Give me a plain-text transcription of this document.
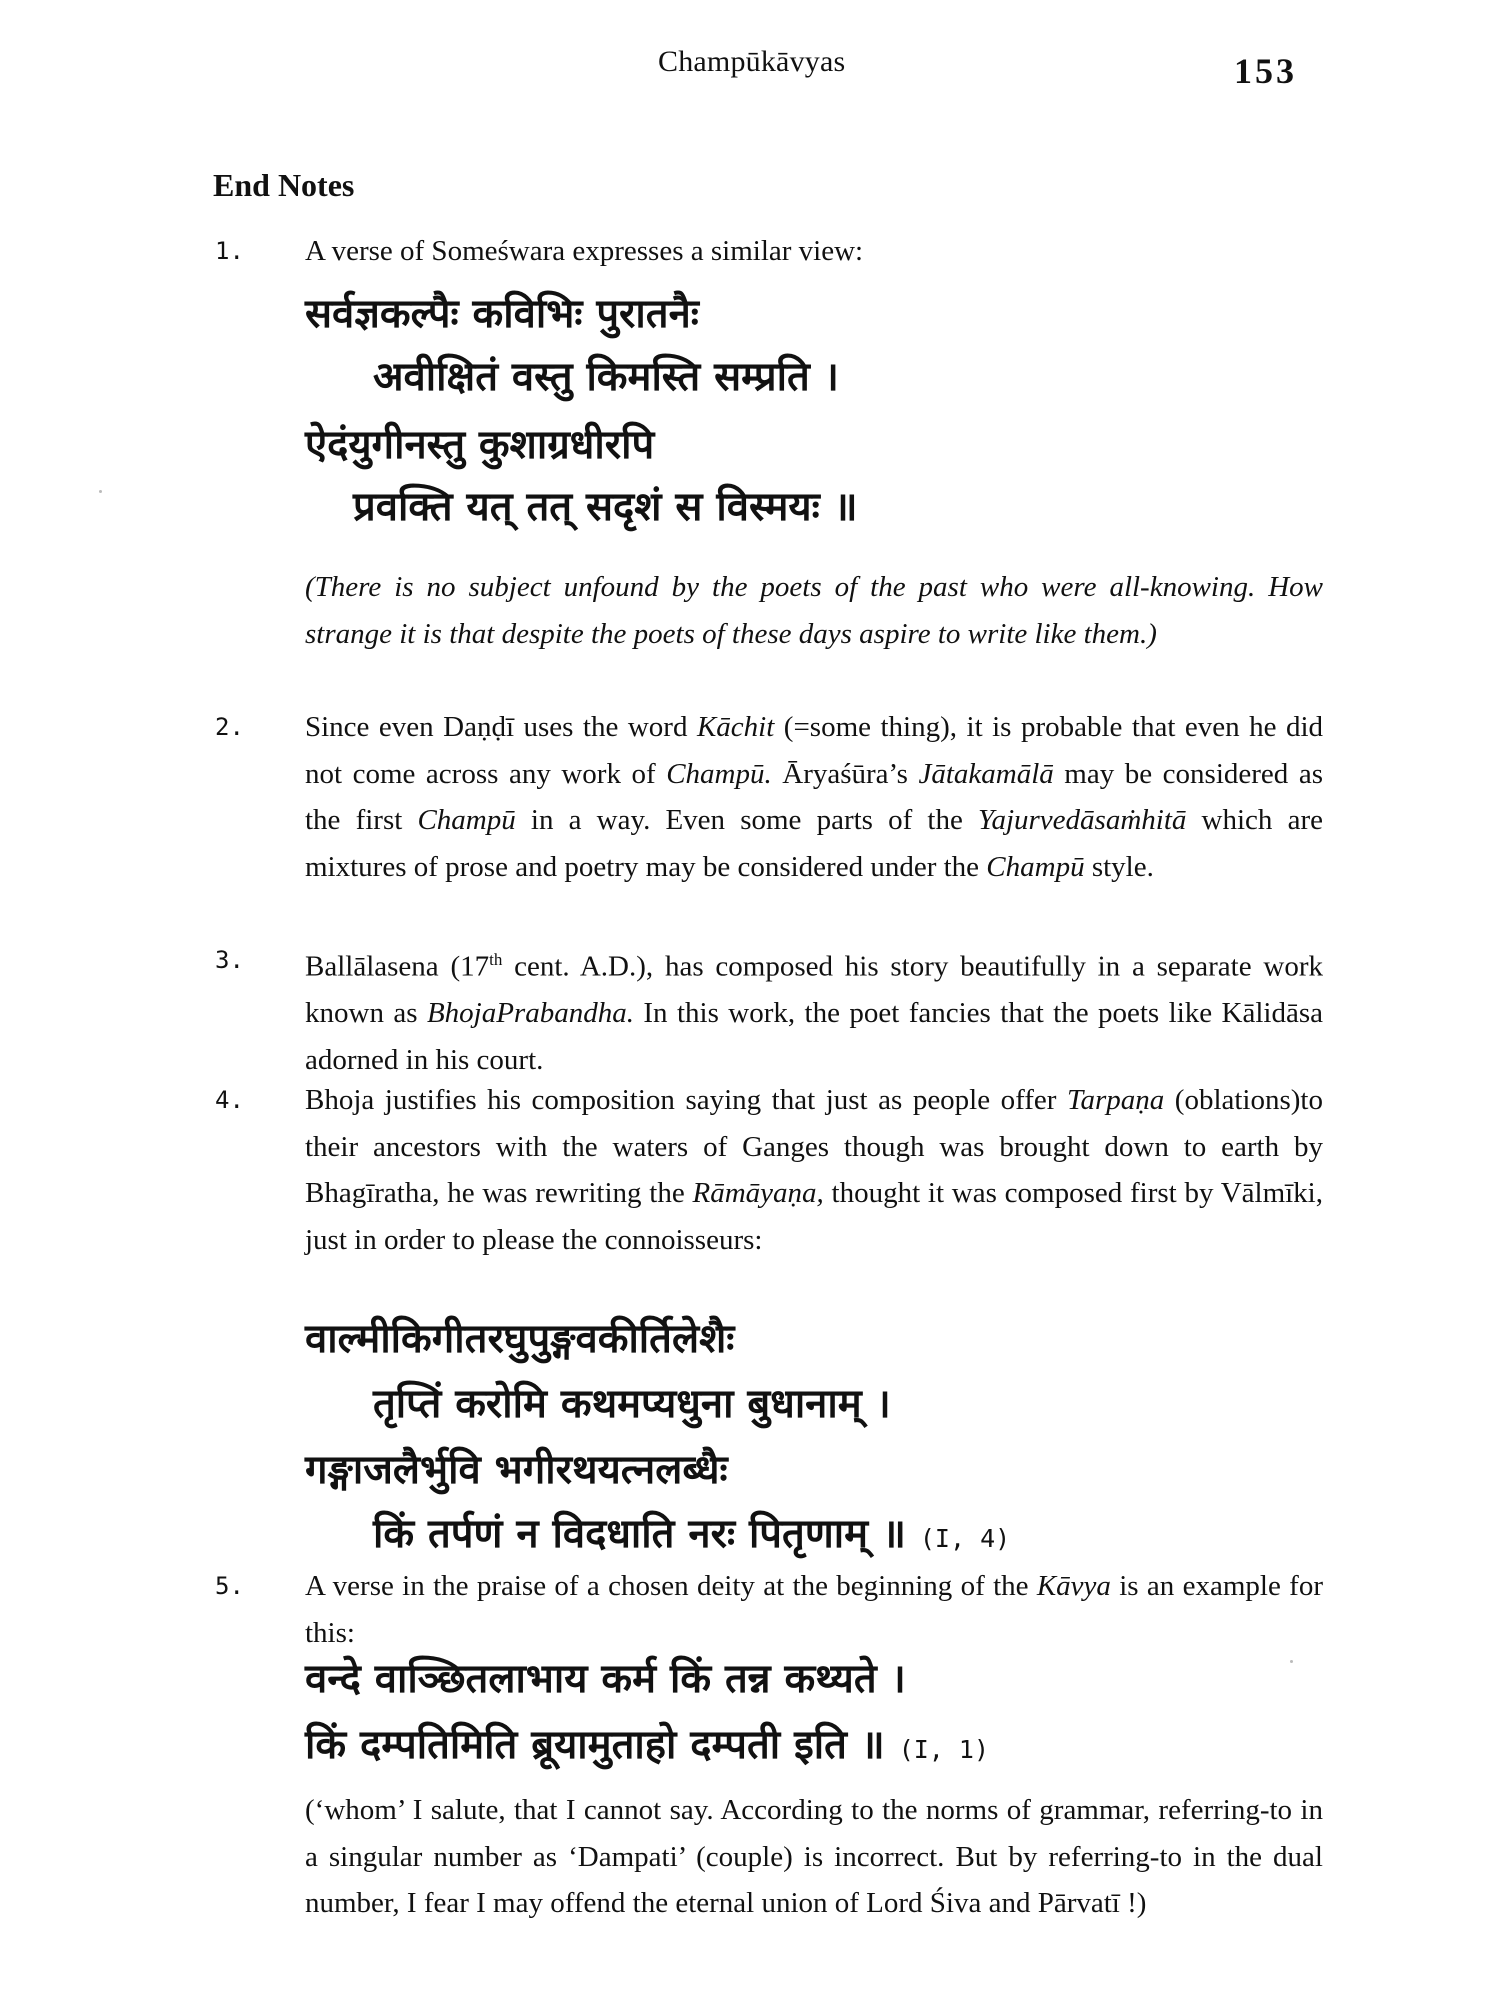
Champūkāvyas	153
End Notes
1. A verse of Someśwara expresses a similar view:
सर्वज्ञकल्पैः कविभिः पुरातनैः
अवीक्षितं वस्तु किमस्ति सम्प्रति ।
ऐदंयुगीनस्तु कुशाग्रधीरपि
प्रवक्ति यत् तत् सदृशं स विस्मयः ॥
(There is no subject unfound by the poets of the past who were all-knowing. How strange it is that despite the poets of these days aspire to write like them.)
2. Since even Daṇḍī uses the word Kāchit (=some thing), it is probable that even he did not come across any work of Champū. Āryaśūra’s Jātakamālā may be considered as the first Champū in a way. Even some parts of the Yajurvedāsaṁhitā which are mixtures of prose and poetry may be considered under the Champū style.
3. Ballālasena (17th cent. A.D.), has composed his story beautifully in a separate work known as BhojaPrabandha. In this work, the poet fancies that the poets like Kālidāsa adorned in his court.
4. Bhoja justifies his composition saying that just as people offer Tarpaṇa (oblations)to their ancestors with the waters of Ganges though was brought down to earth by Bhagīratha, he was rewriting the Rāmāyaṇa, thought it was composed first by Vālmīki, just in order to please the connoisseurs:
वाल्मीकिगीतरघुपुङ्गवकीर्तिलेशैः
तृप्तिं करोमि कथमप्यधुना बुधानाम् ।
गङ्गाजलैर्भुवि भगीरथयत्नलब्धैः
किं तर्पणं न विदधाति नरः पितृणाम् ॥ (I, 4)
5. A verse in the praise of a chosen deity at the beginning of the Kāvya is an example for this:
वन्दे वाञ्छितलाभाय कर्म किं तन्न कथ्यते ।
किं दम्पतिमिति ब्रूयामुताहो दम्पती इति ॥ (I, 1)
(‘whom’ I salute, that I cannot say. According to the norms of grammar, referring-to in a singular number as ‘Dampati’ (couple) is incorrect. But by referring-to in the dual number, I fear I may offend the eternal union of Lord Śiva and Pārvatī !)
